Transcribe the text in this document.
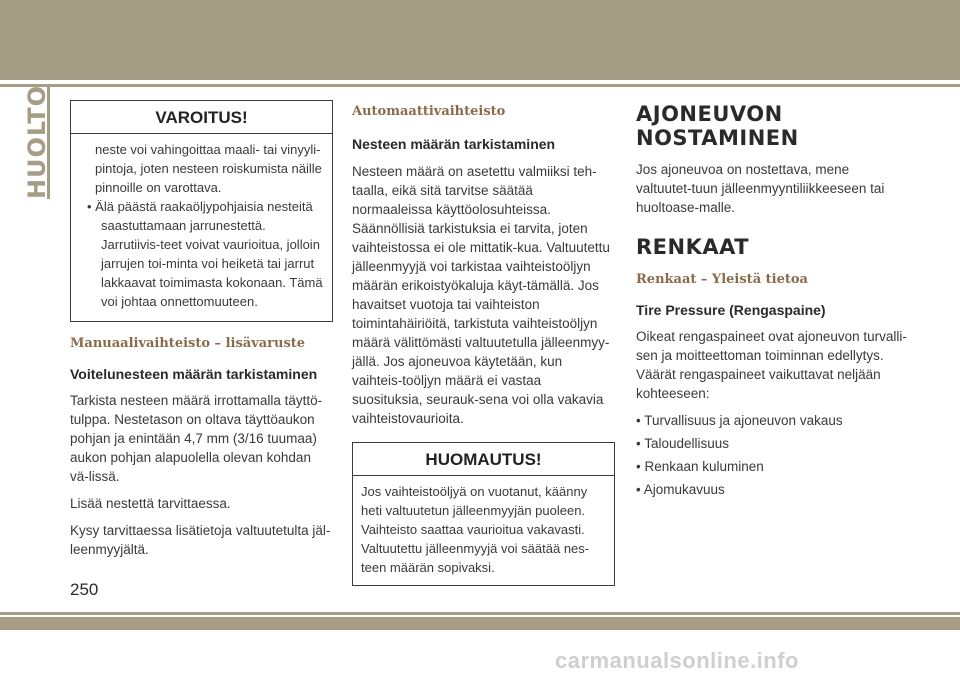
HUOLTO	VAROITUS!

neste voi vahingoittaa maali- tai vinyyli-pintoja, joten nesteen roiskumista näille pinnoille on varottava.

• Älä päästä raakaöljypohjaisia nesteitä saastuttamaan jarrunestettä. Jarrutiivis-teet voivat vaurioitua, jolloin jarrujen toi-minta voi heiketä tai jarrut lakkaavat toimimasta kokonaan. Tämä voi johtaa onnettomuuteen.

Manuaalivaihteisto – lisävaruste

Voitelunesteen määrän tarkistaminen

Tarkista nesteen määrä irrottamalla täyttö-tulppa. Nestetason on oltava täyttöaukon pohjan ja enintään 4,7 mm (3/16 tuumaa) aukon pohjan alapuolella olevan kohdan vä-lissä.

Lisää nestettä tarvittaessa.

Kysy tarvittaessa lisätietoja valtuutetulta jäl-leenmyyjältä.

Automaattivaihteisto

Nesteen määrän tarkistaminen

Nesteen määrä on asetettu valmiiksi teh-taalla, eikä sitä tarvitse säätää normaaleissa käyttöolosuhteissa. Säännöllisiä tarkistuksia ei tarvita, joten vaihteistossa ei ole mittatik-kua. Valtuutettu jälleenmyyjä voi tarkistaa vaihteistoöljyn määrän erikoistyökaluja käyt-tämällä. Jos havaitset vuotoja tai vaihteiston toimintahäiriöitä, tarkistuta vaihteistoöljyn määrä välittömästi valtuutetulla jälleenmyy-jällä. Jos ajoneuvoa käytetään, kun vaihteis-toöljyn määrä ei vastaa suosituksia, seurauk-sena voi olla vakavia vaihteistovaurioita.

HUOMAUTUS!
Jos vaihteistoöljyä on vuotanut, käänny heti valtuutetun jälleenmyyjän puoleen. Vaihteisto saattaa vaurioitua vakavasti. Valtuutettu jälleenmyyjä voi säätää nes-teen määrän sopivaksi.

AJONEUVON

NOSTAMINEN

Jos ajoneuvoa on nostettava, mene valtuutet-tuun jälleenmyyntiliikkeeseen tai huoltoase-malle.

RENKAAT

Renkaat – Yleistä tietoa

Tire Pressure (Rengaspaine)

Oikeat rengaspaineet ovat ajoneuvon turvalli-sen ja moitteettoman toiminnan edellytys. Väärät rengaspaineet vaikuttavat neljään kohteeseen:

• Turvallisuus ja ajoneuvon vakaus

• Taloudellisuus

• Renkaan kuluminen

• Ajomukavuus

250
carmanualsonline.info
